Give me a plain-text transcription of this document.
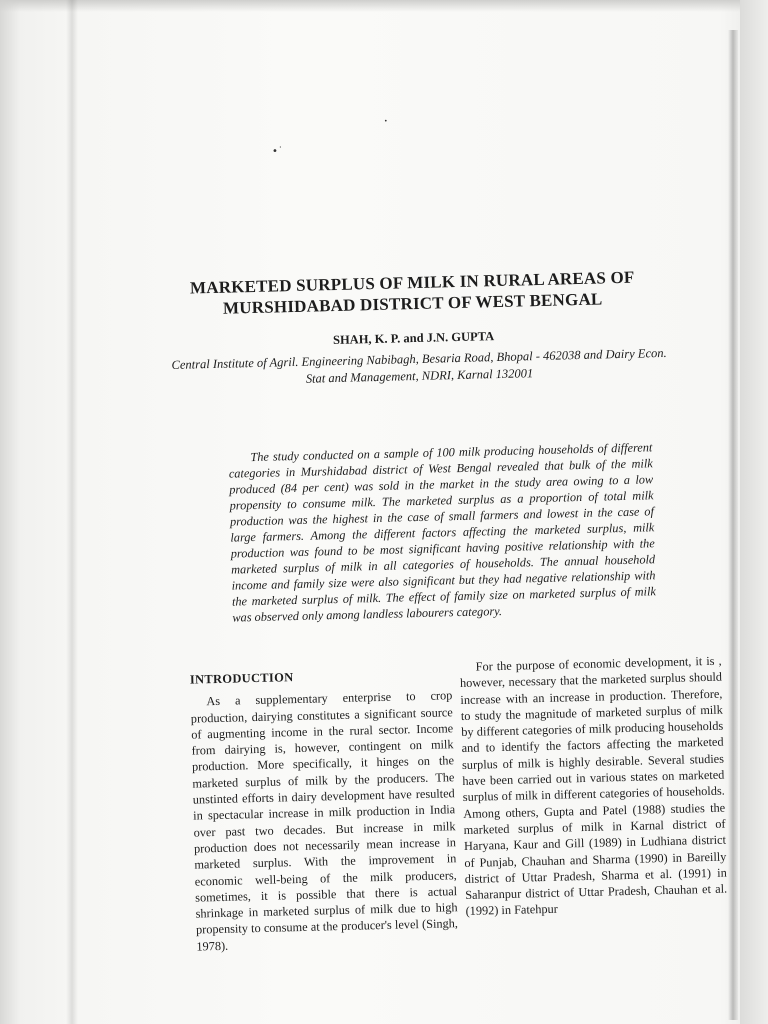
•˙
•
MARKETED SURPLUS OF MILK IN RURAL AREAS OF MURSHIDABAD DISTRICT OF WEST BENGAL
SHAH, K. P. and J.N. GUPTA
Central Institute of Agril. Engineering Nabibagh, Besaria Road, Bhopal - 462038 and Dairy Econ. Stat and Management, NDRI, Karnal 132001

The study conducted on a sample of 100 milk producing households of different categories in Murshidabad district of West Bengal revealed that bulk of the milk produced (84 per cent) was sold in the market in the study area owing to a low propensity to consume milk. The marketed surplus as a proportion of total milk production was the highest in the case of small farmers and lowest in the case of large farmers. Among the different factors affecting the marketed surplus, milk production was found to be most significant having positive relationship with the marketed surplus of milk in all categories of households. The annual household income and family size were also significant but they had negative relationship with the marketed surplus of milk. The effect of family size on marketed surplus of milk was observed only among landless labourers category.

INTRODUCTION

As a supplementary enterprise to crop production, dairying constitutes a significant source of augmenting income in the rural sector. Income from dairying is, however, contingent on milk production. More specifically, it hinges on the marketed surplus of milk by the producers. The unstinted efforts in dairy development have resulted in spectacular increase in milk production in India over past two decades. But increase in milk production does not necessarily mean increase in marketed surplus. With the improvement in economic well-being of the milk producers, sometimes, it is possible that there is actual shrinkage in marketed surplus of milk due to high propensity to consume at the producer's level (Singh, 1978).

For the purpose of economic development, it is , however, necessary that the marketed surplus should increase with an increase in production. Therefore, to study the magnitude of marketed surplus of milk by different categories of milk producing households and to identify the factors affecting the marketed surplus of milk is highly desirable. Several studies have been carried out in various states on marketed surplus of milk in different categories of households. Among others, Gupta and Patel (1988) studies the marketed surplus of milk in Karnal district of Haryana, Kaur and Gill (1989) in Ludhiana district of Punjab, Chauhan and Sharma (1990) in Bareilly district of Uttar Pradesh, Sharma et al. (1991) in Saharanpur district of Uttar Pradesh, Chauhan et al. (1992) in Fatehpur
